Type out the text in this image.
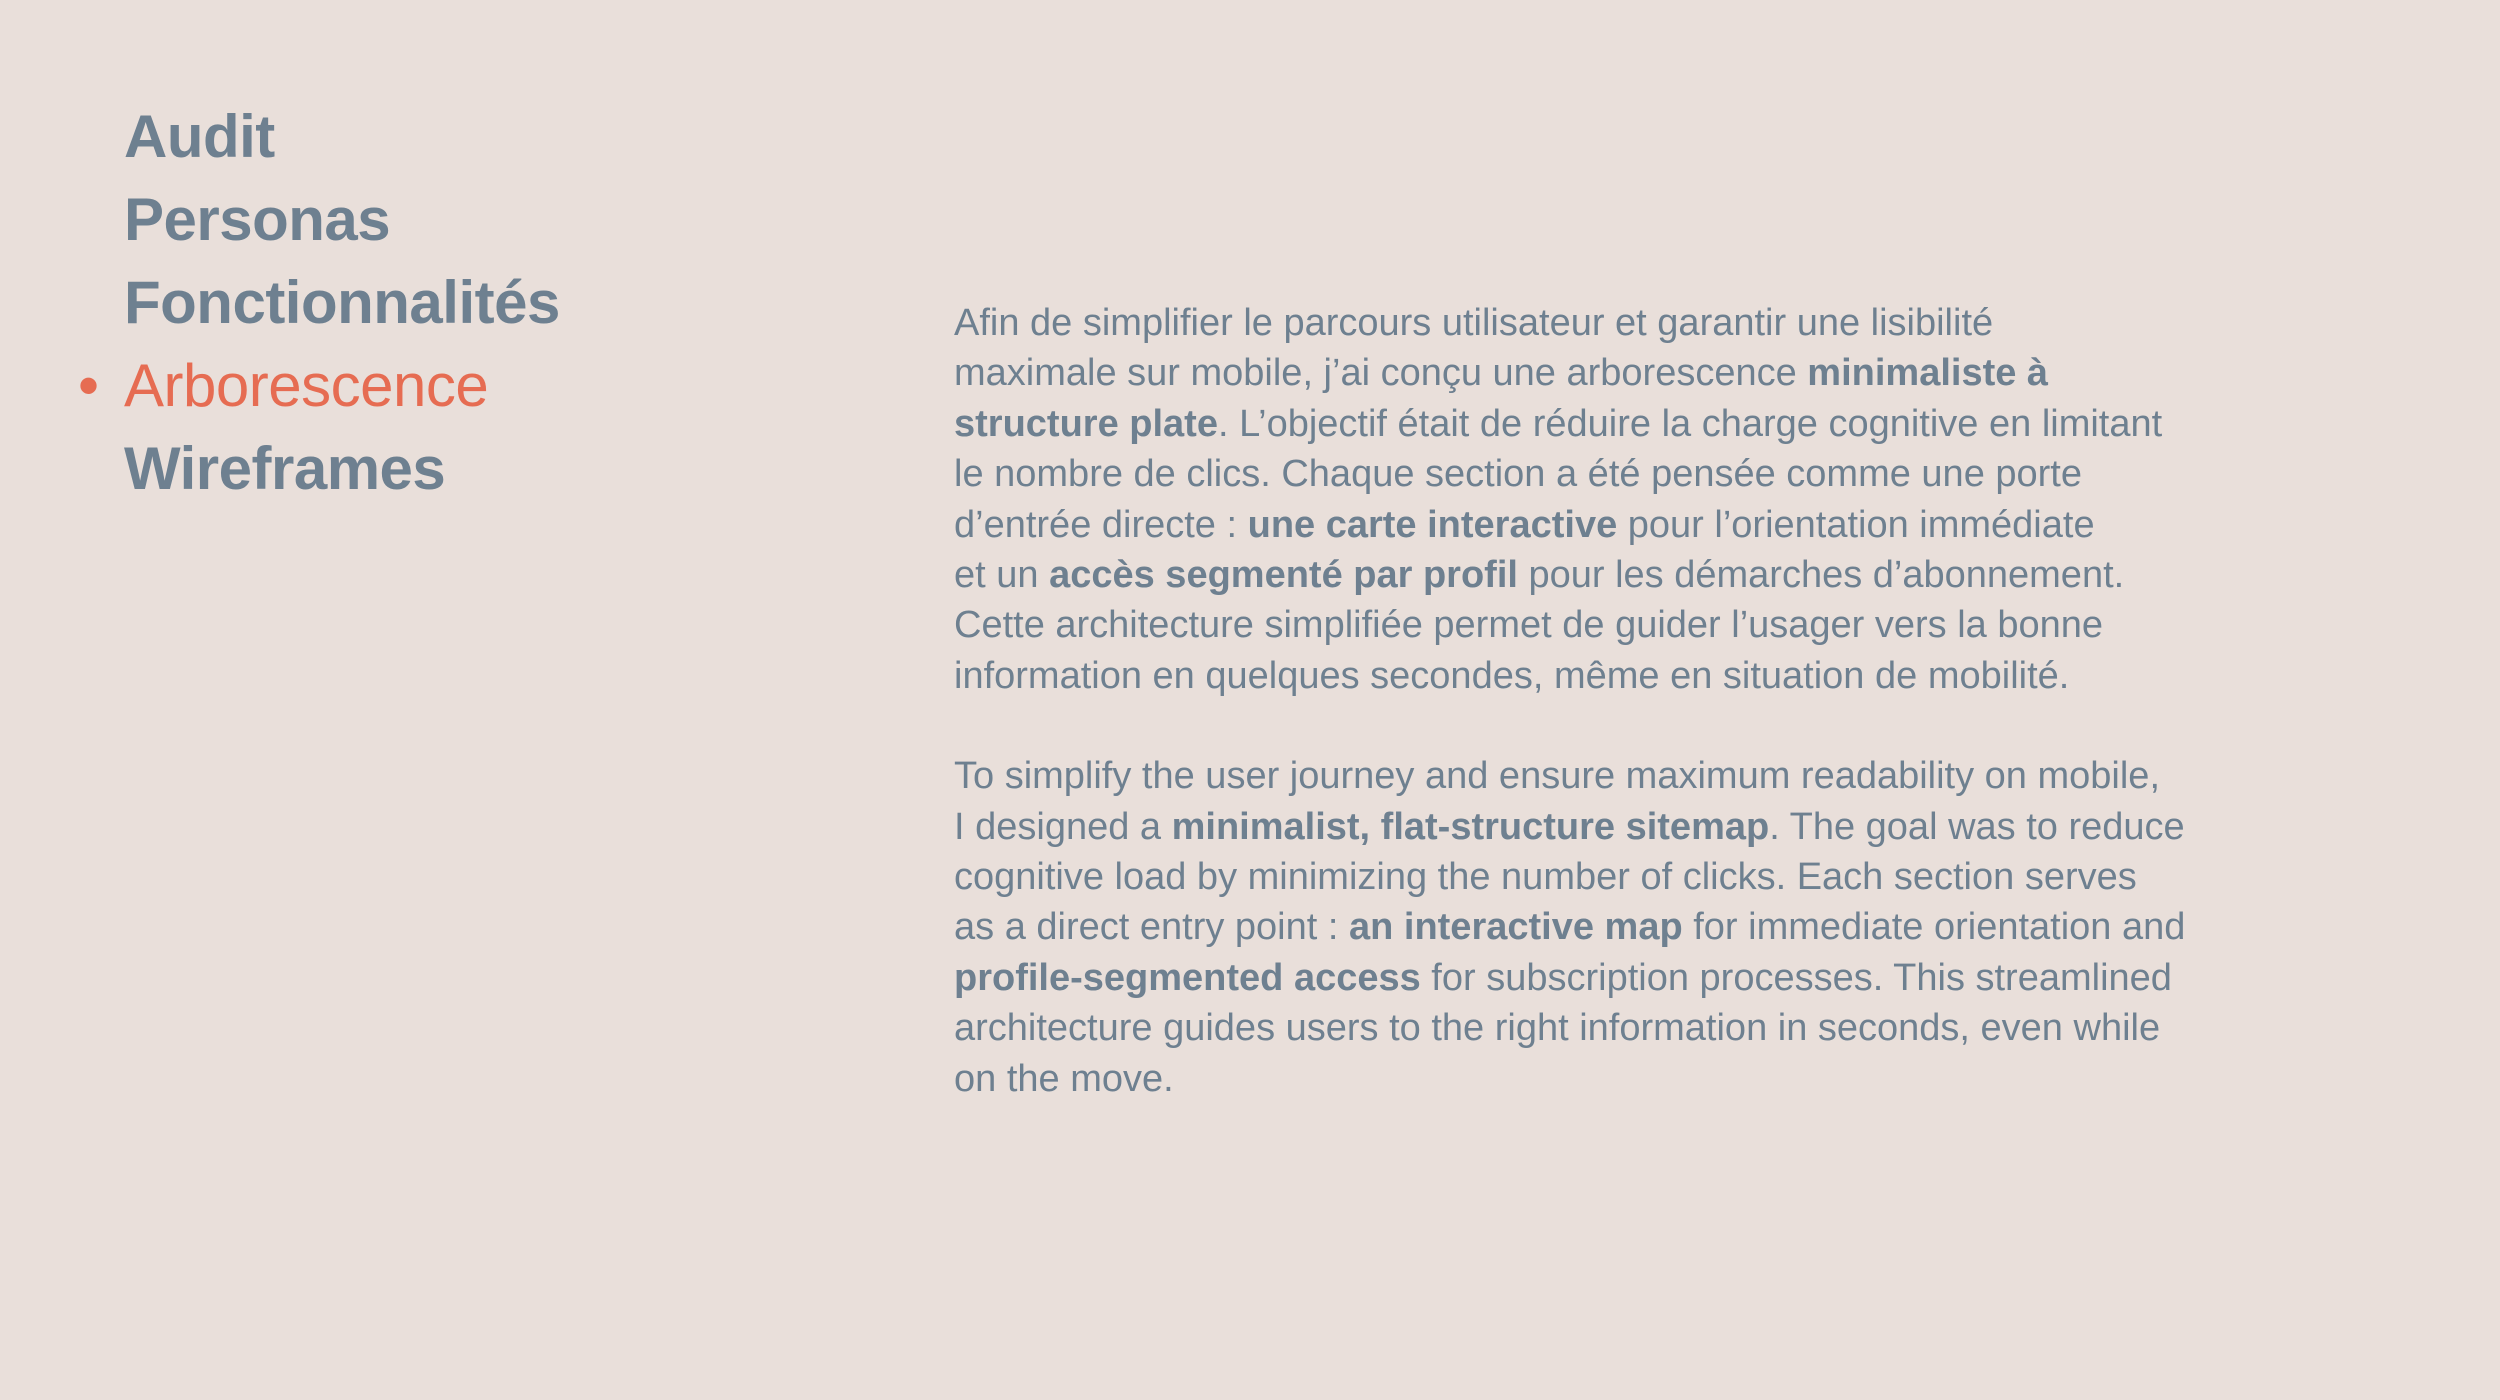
Audit
Personas
Fonctionnalités
• Arborescence
Wireframes

Afin de simplifier le parcours utilisateur et garantir une lisibilité
maximale sur mobile, j’ai conçu une arborescence minimaliste à
structure plate. L’objectif était de réduire la charge cognitive en limitant
le nombre de clics. Chaque section a été pensée comme une porte
d’entrée directe : une carte interactive pour l’orientation immédiate
et un accès segmenté par profil pour les démarches d’abonnement.
Cette architecture simplifiée permet de guider l’usager vers la bonne
information en quelques secondes, même en situation de mobilité.

To simplify the user journey and ensure maximum readability on mobile,
I designed a minimalist, flat-structure sitemap. The goal was to reduce
cognitive load by minimizing the number of clicks. Each section serves
as a direct entry point : an interactive map for immediate orientation and
profile-segmented access for subscription processes. This streamlined
architecture guides users to the right information in seconds, even while
on the move.
